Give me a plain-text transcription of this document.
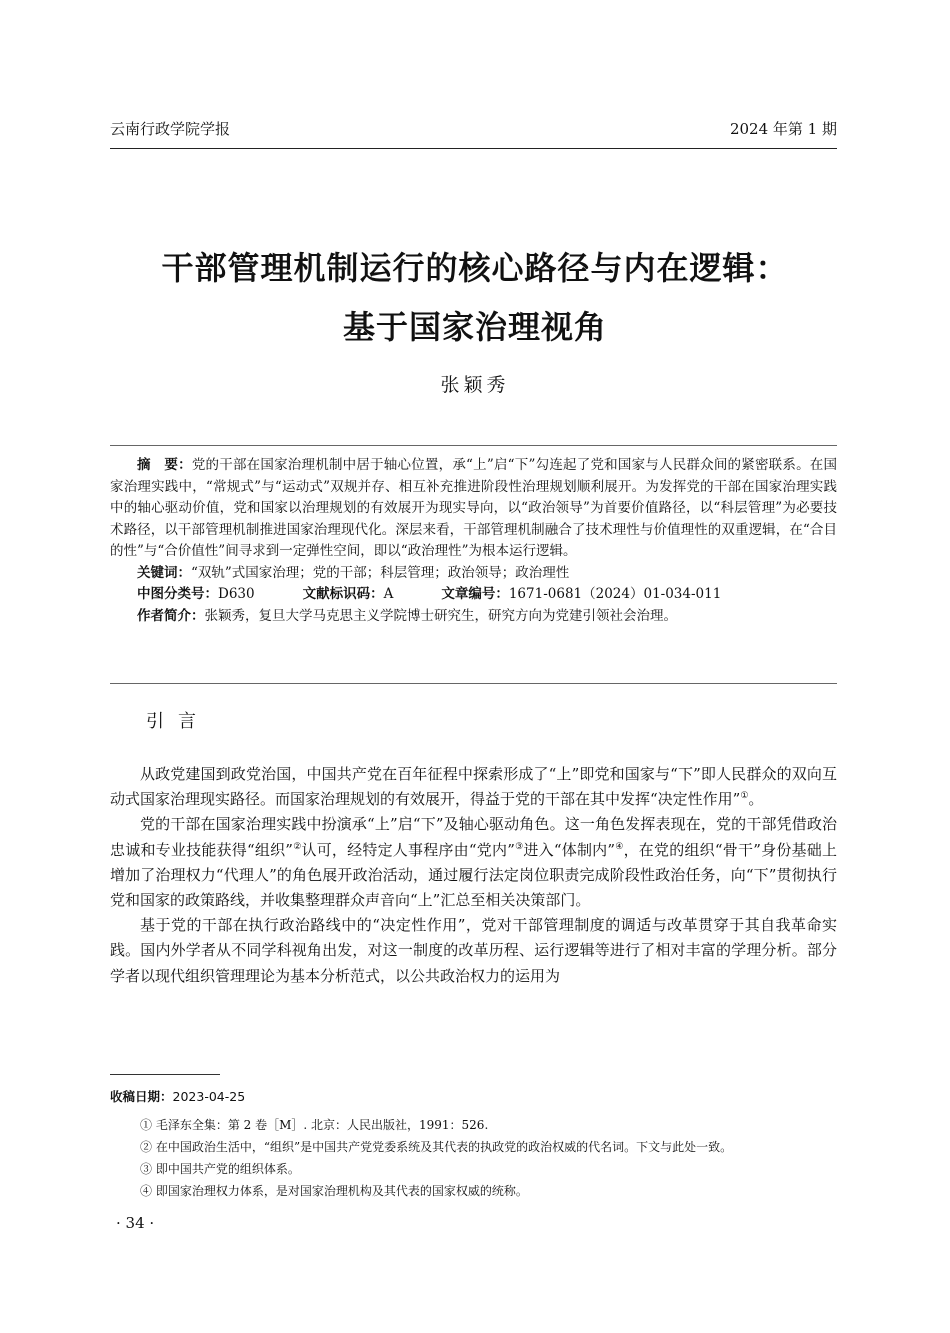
云南行政学院学报	2024 年第 1 期
干部管理机制运行的核心路径与内在逻辑：
基于国家治理视角
张颖秀

摘　要：党的干部在国家治理机制中居于轴心位置，承“上”启“下”勾连起了党和国家与人民群众间的紧密联系。在国家治理实践中，“常规式”与“运动式”双规并存、相互补充推进阶段性治理规划顺利展开。为发挥党的干部在国家治理实践中的轴心驱动价值，党和国家以治理规划的有效展开为现实导向，以“政治领导”为首要价值路径，以“科层管理”为必要技术路径，以干部管理机制推进国家治理现代化。深层来看，干部管理机制融合了技术理性与价值理性的双重逻辑，在“合目的性”与“合价值性”间寻求到一定弹性空间，即以“政治理性”为根本运行逻辑。

关键词：“双轨”式国家治理；党的干部；科层管理；政治领导；政治理性
中图分类号：D630	文献标识码：A	文章编号：1671-0681（2024）01-034-011
作者简介：张颖秀，复旦大学马克思主义学院博士研究生，研究方向为党建引领社会治理。
引言

从政党建国到政党治国，中国共产党在百年征程中探索形成了“上”即党和国家与“下”即人民群众的双向互动式国家治理现实路径。而国家治理规划的有效展开，得益于党的干部在其中发挥“决定性作用”①。

党的干部在国家治理实践中扮演承“上”启“下”及轴心驱动角色。这一角色发挥表现在，党的干部凭借政治忠诚和专业技能获得“组织”②认可，经特定人事程序由“党内”③进入“体制内”④，在党的组织“骨干”身份基础上增加了治理权力“代理人”的角色展开政治活动，通过履行法定岗位职责完成阶段性政治任务，向“下”贯彻执行党和国家的政策路线，并收集整理群众声音向“上”汇总至相关决策部门。

基于党的干部在执行政治路线中的“决定性作用”，党对干部管理制度的调适与改革贯穿于其自我革命实践。国内外学者从不同学科视角出发，对这一制度的改革历程、运行逻辑等进行了相对丰富的学理分析。部分学者以现代组织管理理论为基本分析范式，以公共政治权力的运用为

收稿日期：2023-04-25
① 毛泽东全集：第 2 卷［M］. 北京：人民出版社，1991：526.
② 在中国政治生活中，“组织”是中国共产党党委系统及其代表的执政党的政治权威的代名词。下文与此处一致。
③ 即中国共产党的组织体系。
④ 即国家治理权力体系，是对国家治理机构及其代表的国家权威的统称。
· 34 ·
